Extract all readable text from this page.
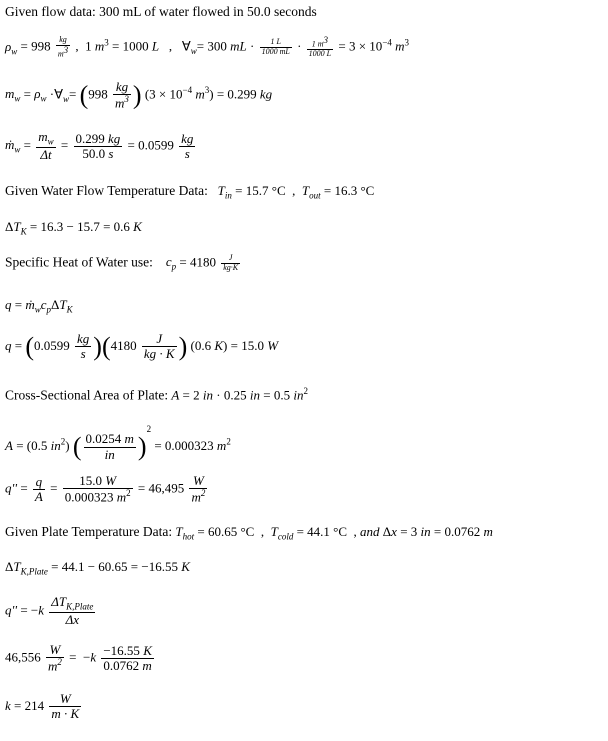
Given flow data: 300 mL of water flowed in 50.0 seconds
$\rho_w = 998 \frac{kg}{m^3}$ ,  1 $m^3 = 1000$ L   ,   $\forall_w= 300$ mL · $\frac{1 L}{1000 mL} \cdot \frac{1 m^3}{1000 L} = 3 \times 10^{-4}$ $m^3$
$m_w = \rho_w$ $\cdot\forall_w= (998 \frac{kg}{m^3}$ ) ($3 \times 10^{-4}$ $m^3) = 0.299$ kg
ṁ$_w$ = $\frac{m_w}{\Delta t} = \frac{0.299 kg}{50.0 s} = 0.0599 \frac{kg}{s}$
Given Water Flow Temperature Data: $T_{in} = 15.7$ °C  ,  $T_{out} = 16.3$ °C
$\Delta T_K = 16.3 - 15.7 = 0.6$ K
Specific Heat of Water use: $c_p = 4180 \frac{J}{kg\cdot K}$
$q = ṁ_wc_p\Delta T_K$
$q = (0.0599 \frac{kg}{s} )(4180 \frac{J}{kg \cdot K}$ ) (0.6 K) = 15.0 W
Cross-Sectional Area of Plate: A = 2 in · 0.25 in = 0.5 $in^2$
A = (0.5 $in^2$) ( $\frac{0.0254 m}{in} )^2 = 0.000323$ $m^2$
$q'' = \frac{q}{A} = \frac{15.0 W}{0.000323 m^2} = 46,495 \frac{W}{m^2}$
Given Plate Temperature Data: $T_{hot} = 60.65$ °C  ,  $T_{cold} = 44.1$ °C  , and Δx = 3 in = 0.0762 m
$\Delta T_{K,Plate} = 44.1 - 60.65 = -16.55$ K
$q'' = -k \frac{\Delta T_{K,Plate}}{\Delta x}$
$46,556 \frac{W}{m^2} = -k \frac{-16.55 K}{0.0762 m}$
$k = 214 \frac{W}{m \cdot K}$
